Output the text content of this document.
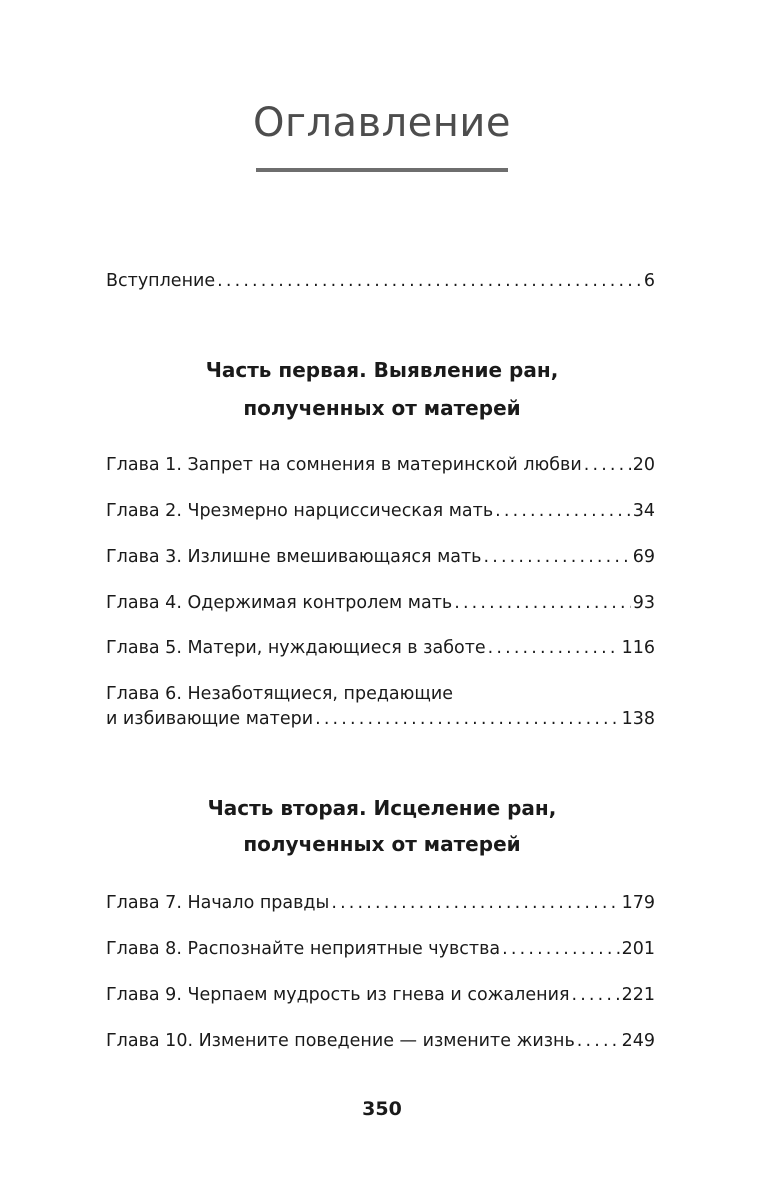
Оглавление
Вступление . . .	6
Часть первая. Выявление ран,
полученных от матерей
Глава 1. Запрет на сомнения в материнской любви . . .	20
Глава 2. Чрезмерно нарциссическая мать . . .	34
Глава 3. Излишне вмешивающаяся мать . . .	69
Глава 4. Одержимая контролем мать . . .	93
Глава 5. Матери, нуждающиеся в заботе . . .	116
Глава 6. Незаботящиеся, предающие
и избивающие матери . . .	138
Часть вторая. Исцеление ран,
полученных от матерей
Глава 7. Начало правды . . .	179
Глава 8. Распознайте неприятные чувства . . .	201
Глава 9. Черпаем мудрость из гнева и сожаления . . .	221
Глава 10. Измените поведение — измените жизнь . . .	249
350
